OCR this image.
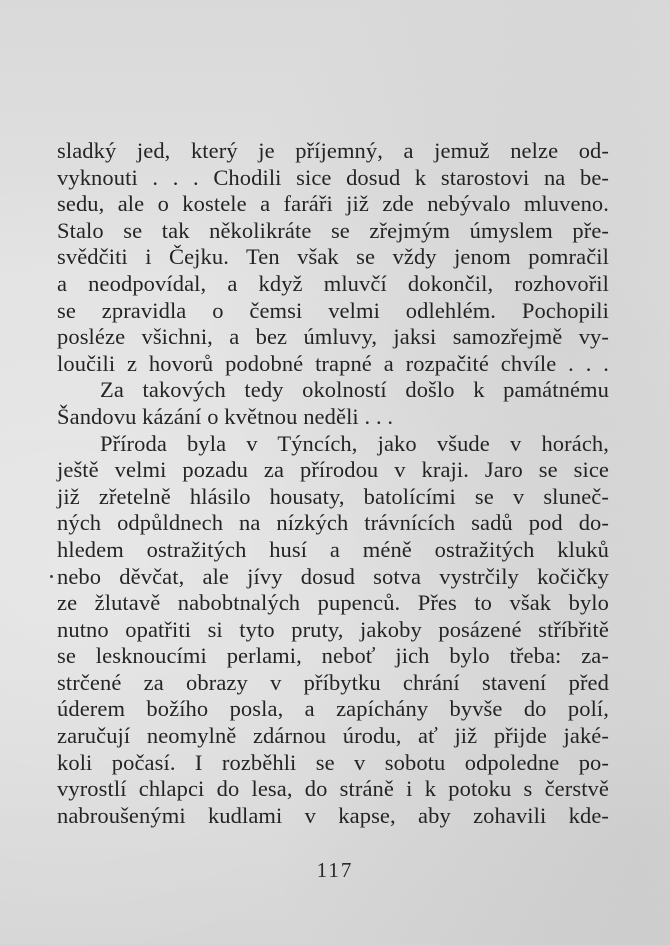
sladký jed, který je příjemný, a jemuž nelze od-
vyknouti . . . Chodili sice dosud k starostovi na be-
sedu, ale o kostele a faráři již zde nebývalo mluveno.
Stalo se tak několikráte se zřejmým úmyslem pře-
svědčiti i Čejku. Ten však se vždy jenom pomračil
a neodpovídal, a když mluvčí dokončil, rozhovořil
se zpravidla o čemsi velmi odlehlém. Pochopili
posléze všichni, a bez úmluvy, jaksi samozřejmě vy-
loučili z hovorů podobné trapné a rozpačité chvíle . . .
Za takových tedy okolností došlo k památnému
Šandovu kázání o květnou neděli . . .
Příroda byla v Týncích, jako všude v horách,
ještě velmi pozadu za přírodou v kraji. Jaro se sice
již zřetelně hlásilo housaty, batolícími se v sluneč-
ných odpůldnech na nízkých trávnících sadů pod do-
hledem ostražitých husí a méně ostražitých kluků
nebo děvčat, ale jívy dosud sotva vystrčily kočičky
ze žlutavě nabobtnalých pupenců. Přes to však bylo
nutno opatřiti si tyto pruty, jakoby posázené stříbřitě
se lesknoucími perlami, neboť jich bylo třeba: za-
strčené za obrazy v příbytku chrání stavení před
úderem božího posla, a zapíchány byvše do polí,
zaručují neomylně zdárnou úrodu, ať již přijde jaké-
koli počasí. I rozběhli se v sobotu odpoledne po-
vyrostlí chlapci do lesa, do stráně i k potoku s čerstvě
nabroušenými kudlami v kapse, aby zohavili kde-
117
